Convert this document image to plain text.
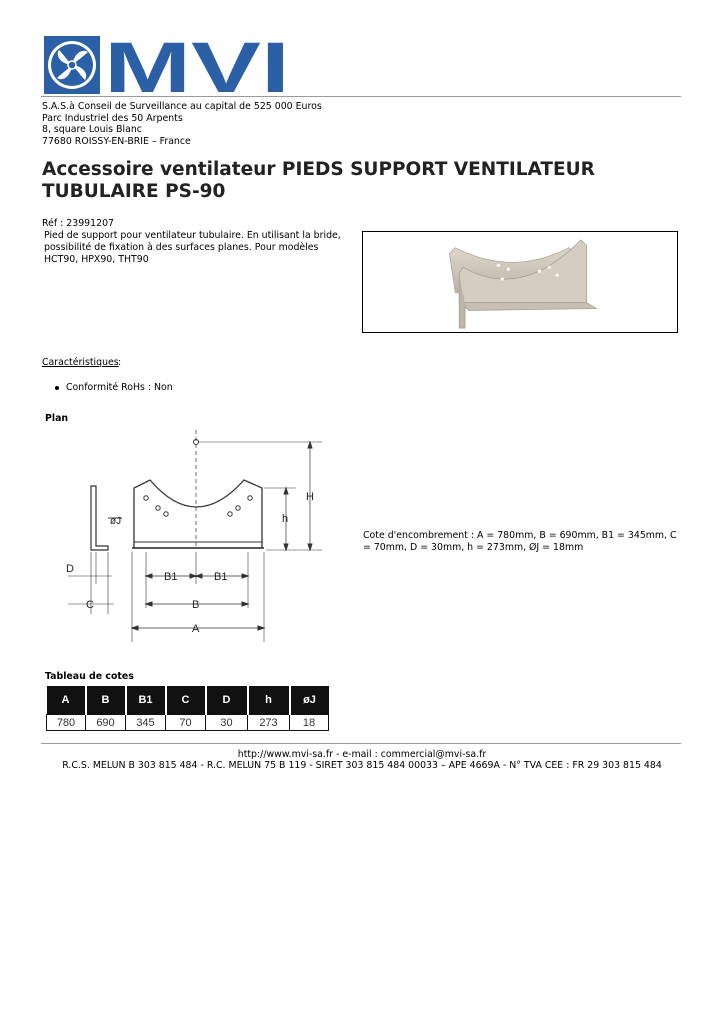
MVI
S.A.S.à Conseil de Surveillance au capital de 525 000 Euros
Parc Industriel des 50 Arpents
8, square Louis Blanc
77680 ROISSY-EN-BRIE – France
Accessoire ventilateur PIEDS SUPPORT VENTILATEUR TUBULAIRE PS-90
Réf : 23991207
Pied de support pour ventilateur tubulaire. En utilisant la bride, possibilité de fixation à des surfaces planes. Pour modèles HCT90, HPX90, THT90
Caractéristiques :
Conformité RoHs : Non
Plan
H
h
øJ
D
C
B1	B1
B
A
Cote d'encombrement : A = 780mm, B = 690mm, B1 = 345mm, C = 70mm, D = 30mm, h = 273mm, ØJ = 18mm
Tableau de cotes
A	B	B1	C	D	h	øJ
780	690	345	70	30	273	18
http://www.mvi-sa.fr - e-mail : commercial@mvi-sa.fr
R.C.S. MELUN B 303 815 484 - R.C. MELUN 75 B 119 - SIRET 303 815 484 00033 – APE 4669A - N° TVA CEE : FR 29 303 815 484
